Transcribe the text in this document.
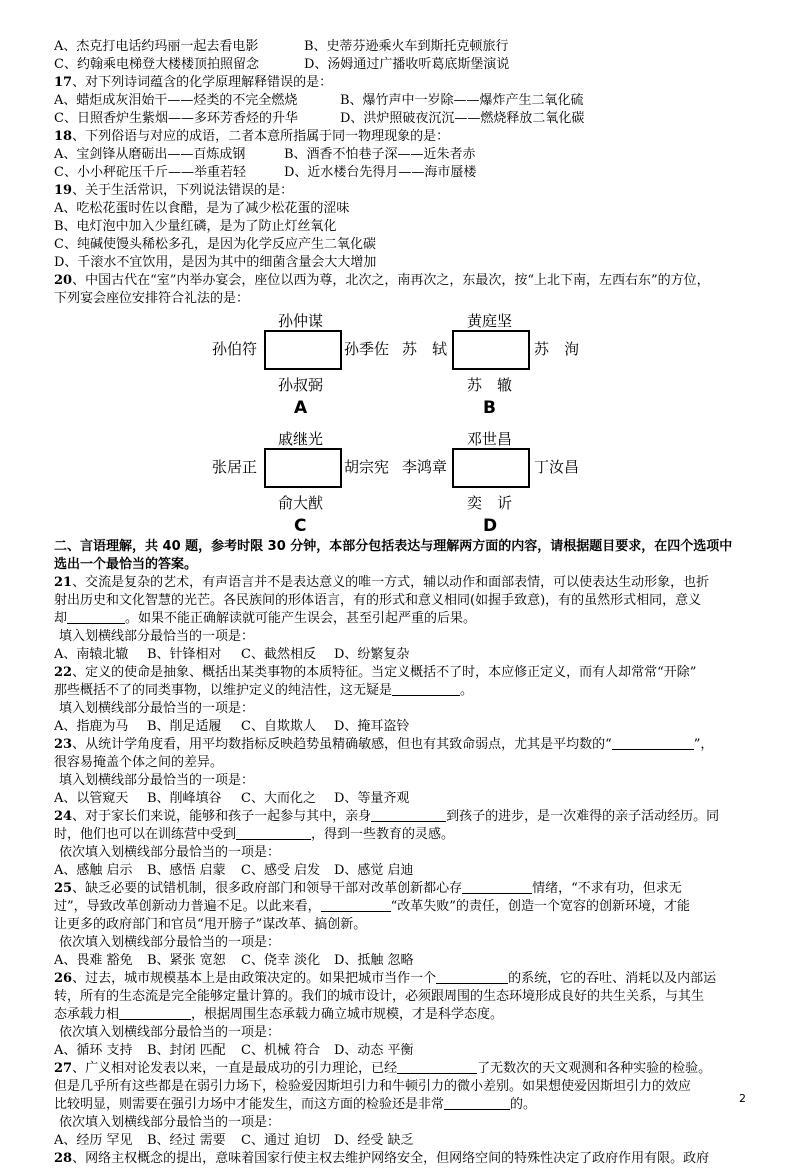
A、杰克打电话约玛丽一起去看电影	B、史蒂芬逊乘火车到斯托克顿旅行
C、约翰乘电梯登大楼楼顶拍照留念	D、汤姆通过广播收听葛底斯堡演说
17、对下列诗词蕴含的化学原理解释错误的是：
A、蜡炬成灰泪始干——烃类的不完全燃烧	B、爆竹声中一岁除——爆炸产生二氧化硫
C、日照香炉生紫烟——多环芳香烃的升华	D、洪炉照破夜沉沉——燃烧释放二氧化碳
18、下列俗语与对应的成语，二者本意所指属于同一物理现象的是：
A、宝剑锋从磨砺出——百炼成钢	B、酒香不怕巷子深——近朱者赤
C、小小秤砣压千斤——举重若轻	D、近水楼台先得月——海市蜃楼
19、关于生活常识，下列说法错误的是：
A、吃松花蛋时佐以食醋，是为了减少松花蛋的涩味
B、电灯泡中加入少量红磷，是为了防止灯丝氧化
C、纯碱使馒头稀松多孔，是因为化学反应产生二氧化碳
D、千滚水不宜饮用，是因为其中的细菌含量会大大增加
20、中国古代在“室”内举办宴会，座位以西为尊，北次之，南再次之，东最次，按“上北下南，左西右东”的方位，
下列宴会座位安排符合礼法的是：
孙仲谋
孙伯符	孙季佐
孙叔弼
A
黄庭坚
苏　轼	苏　洵
苏　辙
B
戚继光
张居正	胡宗宪
俞大猷
C
邓世昌
李鸿章	丁汝昌
奕　䜣
D
二、言语理解，共 40 题，参考时限 30 分钟，本部分包括表达与理解两方面的内容，请根据题目要求，在四个选项中
选出一个最恰当的答案。
21、交流是复杂的艺术，有声语言并不是表达意义的唯一方式，辅以动作和面部表情，可以使表达生动形象，也折
射出历史和文化智慧的光芒。各民族间的形体语言，有的形式和意义相同(如握手致意)，有的虽然形式相同，意义
却	。如果不能正确解读就可能产生误会，甚至引起严重的后果。
填入划横线部分最恰当的一项是：
A、南辕北辙 B、针锋相对 C、截然相反 D、纷繁复杂
22、定义的使命是抽象、概括出某类事物的本质特征。当定义概括不了时，本应修正定义，而有人却常常“开除”
那些概括不了的同类事物，以维护定义的纯洁性，这无疑是	。
填入划横线部分最恰当的一项是：
A、指鹿为马 B、削足适履 C、自欺欺人 D、掩耳盗铃
23、从统计学角度看，用平均数指标反映趋势虽精确敏感，但也有其致命弱点，尤其是平均数的“	”，
很容易掩盖个体之间的差异。
填入划横线部分最恰当的一项是：
A、以管窥天 B、削峰填谷 C、大而化之 D、等量齐观
24、对于家长们来说，能够和孩子一起参与其中，亲身	到孩子的进步，是一次难得的亲子活动经历。同
时，他们也可以在训练营中受到	，得到一些教育的灵感。
依次填入划横线部分最恰当的一项是：
A、感触 启示 B、感悟 启蒙 C、感受 启发 D、感觉 启迪
25、缺乏必要的试错机制，很多政府部门和领导干部对改革创新都心存	情绪，“不求有功，但求无
过”，导致改革创新动力普遍不足。以此来看，	“改革失败”的责任，创造一个宽容的创新环境，才能
让更多的政府部门和官员“甩开膀子”谋改革、搞创新。
依次填入划横线部分最恰当的一项是：
A、畏难 豁免 B、紧张 宽恕 C、侥幸 淡化 D、抵触 忽略
26、过去，城市规模基本上是由政策决定的。如果把城市当作一个	的系统，它的吞吐、消耗以及内部运
转，所有的生态流是完全能够定量计算的。我们的城市设计，必须跟周围的生态环境形成良好的共生关系，与其生
态承载力相	，根据周围生态承载力确立城市规模，才是科学态度。
依次填入划横线部分最恰当的一项是：
A、循环 支持 B、封闭 匹配 C、机械 符合 D、动态 平衡
27、广义相对论发表以来，一直是最成功的引力理论，已经	了无数次的天文观测和各种实验的检验。
但是几乎所有这些都是在弱引力场下，检验爱因斯坦引力和牛顿引力的微小差别。如果想使爱因斯坦引力的效应
比较明显，则需要在强引力场中才能发生，而这方面的检验还是非常	的。
依次填入划横线部分最恰当的一项是：
A、经历 罕见 B、经过 需要 C、通过 迫切 D、经受 缺乏
28、网络主权概念的提出，意味着国家行使主权去维护网络安全，但网络空间的特殊性决定了政府作用有限。政府
2
